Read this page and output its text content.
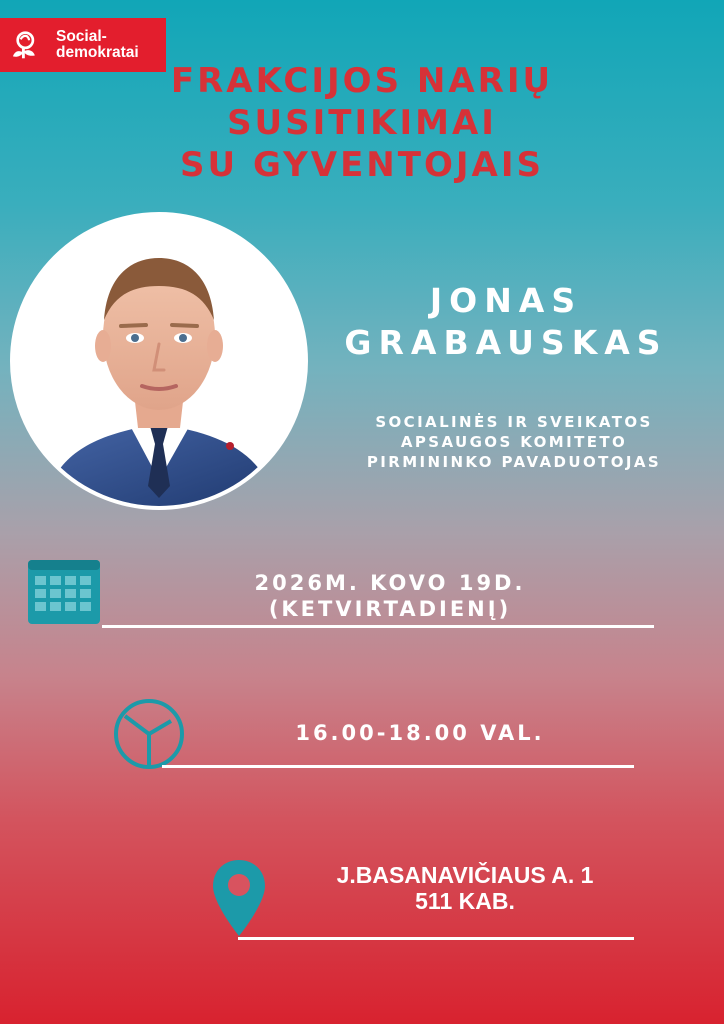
Social-
demokratai
FRAKCIJOS NARIŲ
SUSITIKIMAI
SU GYVENTOJAIS
JONAS
GRABAUSKAS
SOCIALINĖS IR SVEIKATOS
APSAUGOS KOMITETO
PIRMININKO PAVADUOTOJAS
2026M. KOVO 19D.
(KETVIRTADIENĮ)
16.00-18.00 VAL.
J.BASANAVIČIAUS A. 1
511 KAB.
